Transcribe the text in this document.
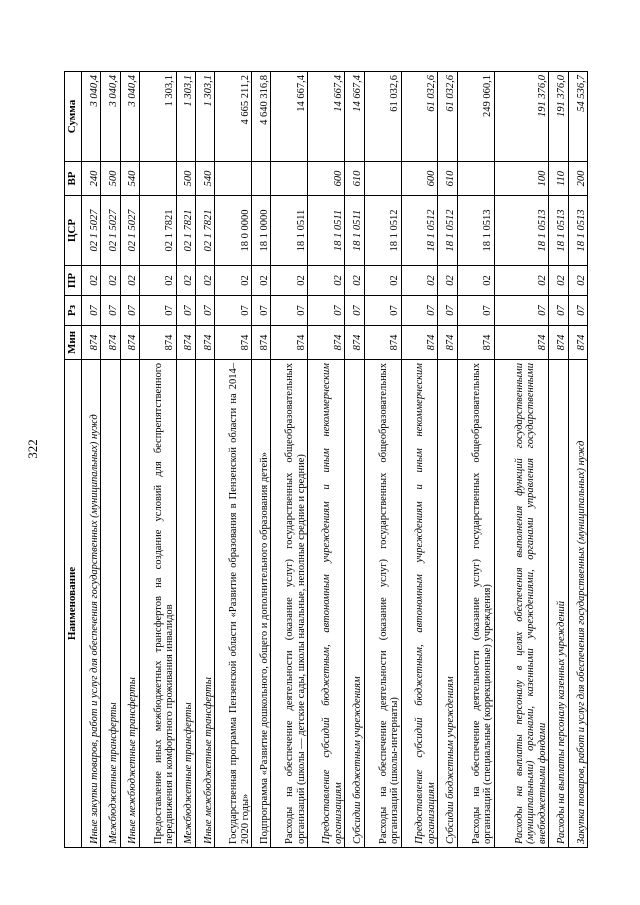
322
Наименование	Мин	Рз	ПР	ЦСР	ВР	Сумма
Иные закупки товаров, работ и услуг для обеспечения государственных (муниципальных) нужд	874	07	02	02 1 5027	240	3 040,4
Межбюджетные трансферты	874	07	02	02 1 5027	500	3 040,4
Иные межбюджетные трансферты	874	07	02	02 1 5027	540	3 040,4
Предоставление иных межбюджетных трансфертов на создание условий для беспрепятственного передвижения и комфортного проживания инвалидов	874	07	02	02 1 7821		1 303,1
Межбюджетные трансферты	874	07	02	02 1 7821	500	1 303,1
Иные межбюджетные трансферты	874	07	02	02 1 7821	540	1 303,1
Государственная программа Пензенской области «Развитие образования в Пензенской области на 2014–2020 годы»	874	07	02	18 0 0000		4 665 211,2
Подпрограмма «Развитие дошкольного, общего и дополнительного образования детей»	874	07	02	18 1 0000		4 640 316,8
Расходы на обеспечение деятельности (оказание услуг) государственных общеобразовательных организаций (школы — детские сады, школы начальные, неполные средние и средние)	874	07	02	18 1 0511		14 667,4
Предоставление субсидий бюджетным, автономным учреждениям и иным некоммерческим организациям	874	07	02	18 1 0511	600	14 667,4
Субсидии бюджетным учреждениям	874	07	02	18 1 0511	610	14 667,4
Расходы на обеспечение деятельности (оказание услуг) государственных общеобразовательных организаций (школы-интернаты)	874	07	02	18 1 0512		61 032,6
Предоставление субсидий бюджетным, автономным учреждениям и иным некоммерческим организациям	874	07	02	18 1 0512	600	61 032,6
Субсидии бюджетным учреждениям	874	07	02	18 1 0512	610	61 032,6
Расходы на обеспечение деятельности (оказание услуг) государственных общеобразовательных организаций (специальные (коррекционные) учреждения)	874	07	02	18 1 0513		249 060,1
Расходы на выплаты персоналу в целях обеспечения выполнения функций государственными (муниципальными) органами, казенными учреждениями, органами управления государственными внебюджетными фондами	874	07	02	18 1 0513	100	191 376,0
Расходы на выплаты персоналу казенных учреждений	874	07	02	18 1 0513	110	191 376,0
Закупка товаров, работ и услуг для обеспечения государственных (муниципальных) нужд	874	07	02	18 1 0513	200	54 536,7
